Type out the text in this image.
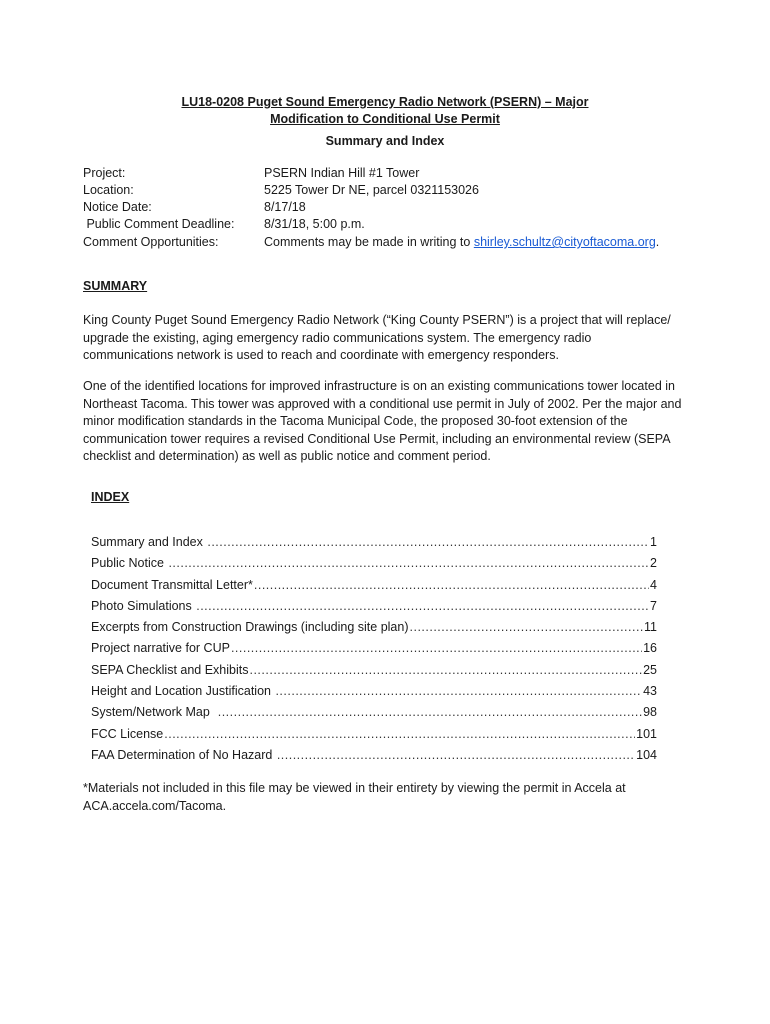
LU18-0208 Puget Sound Emergency Radio Network (PSERN) – Major
Modification to Conditional Use Permit
Summary and Index
Project:	PSERN Indian Hill #1 Tower
Location:	5225 Tower Dr NE, parcel 0321153026
Notice Date:	8/17/18
Public Comment Deadline:	8/31/18, 5:00 p.m.
Comment Opportunities:	Comments may be made in writing to shirley.schultz@cityoftacoma.org.
SUMMARY

King County Puget Sound Emergency Radio Network (“King County PSERN”) is a project that will replace/ upgrade the existing, aging emergency radio communications system. The emergency radio communications network is used to reach and coordinate with emergency responders.

One of the identified locations for improved infrastructure is on an existing communications tower located in Northeast Tacoma. This tower was approved with a conditional use permit in July of 2002. Per the major and minor modification standards in the Tacoma Municipal Code, the proposed 30-foot extension of the communication tower requires a revised Conditional Use Permit, including an environmental review (SEPA checklist and determination) as well as public notice and comment period.

INDEX
Summary and Index .....	1
Public Notice .....	2
Document Transmittal Letter* .....	4
Photo Simulations .....	7
Excerpts from Construction Drawings (including site plan) .....	11
Project narrative for CUP .....	16
SEPA Checklist and Exhibits .....	25
Height and Location Justification .....	43
System/Network Map .....	98
FCC License .....	101
FAA Determination of No Hazard .....	104

*Materials not included in this file may be viewed in their entirety by viewing the permit in Accela at ACA.accela.com/Tacoma.
